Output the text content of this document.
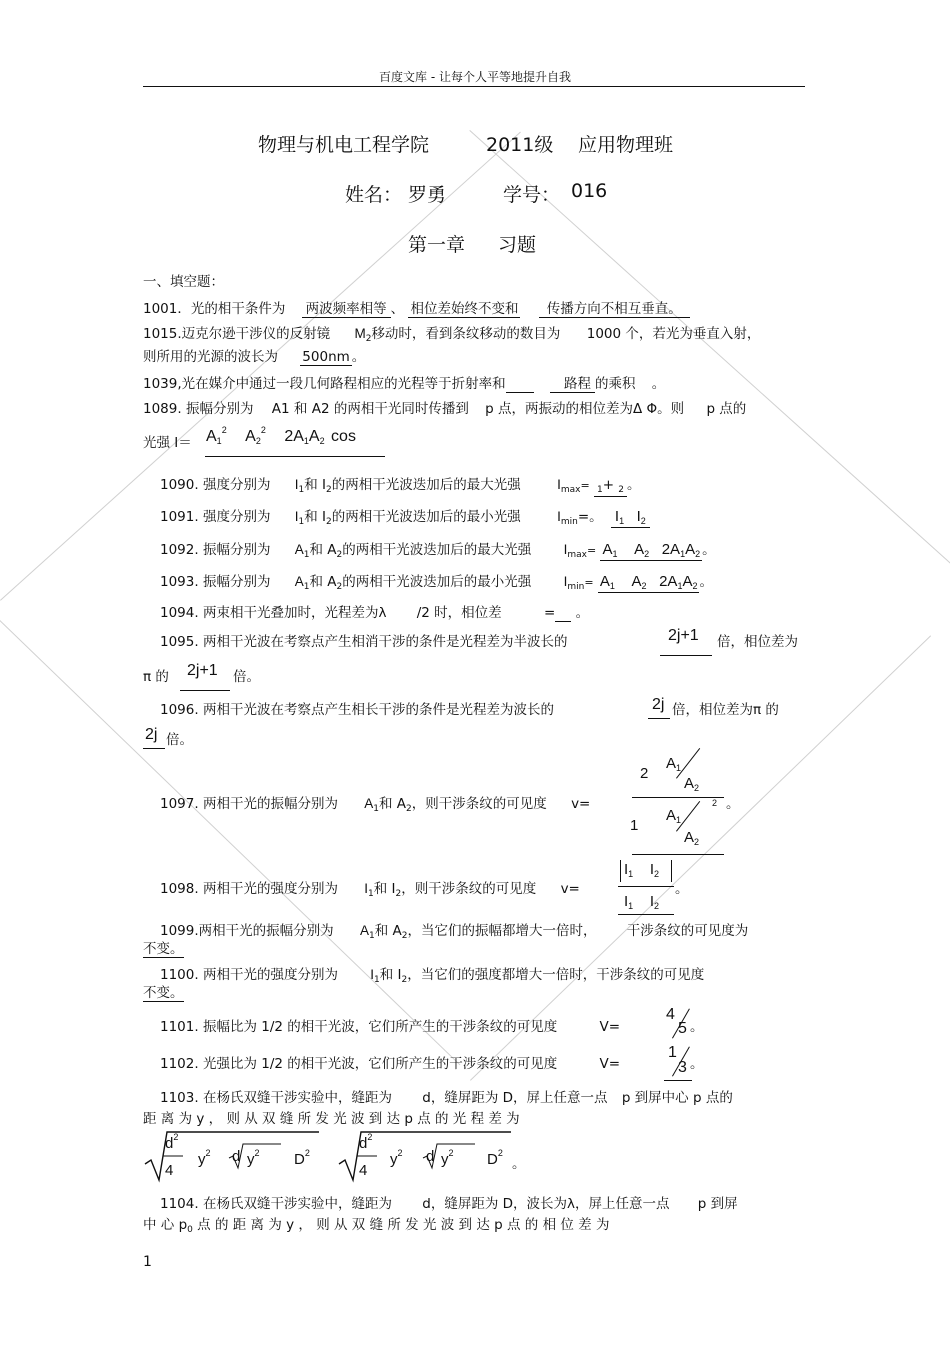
百度文库 - 让每个人平等地提升自我
物理与机电工程学院	2011级 应用物理班
姓名： 罗勇	学号： 016
第一章 习题
一、填空题：
1001．光的相干条件为 两波频率相等 、 相位差始终不变和 传播方向不相互垂直。
1015.迈克尔逊干涉仪的反射镜 $M_2$移动时，看到条纹移动的数目为 1000 个，若光为垂直入射，
则所用的光源的波长为 500nm 。
1039,光在媒介中通过一段几何路程相应的光程等于折射率和	路程 的乘积 。
1089. 振幅分别为 A1 和 A2 的两相干光同时传播到 p 点，两振动的相位差为Δ Φ。则 p 点的
光强 $I= A_1^2$ $A_2^2$ $2A_1A_2$ cos
1090. 强度分别为 $I_1$和 $I_2$的两相干光波迭加后的最大光强	$I_{max}= _1+ _2$ 。
1091. 强度分别为 $I_1$和 $I_2$的两相干光波迭加后的最小光强	$I_{min}=$。 $I_1$ $I_2$
1092. 振幅分别为 $A_1$和 $A_2$的两相干光波迭加后的最大光强 $I_{max}= A_1$ $A_2$ $2A_1A_2$ 。
1093. 振幅分别为 $A_1$和 $A_2$的两相干光波迭加后的最小光强 $I_{min}= A_1$ $A_2$ $2A_1A_2$ 。
1094. 两束相干光叠加时，光程差为λ /2 时，相位差	= 。
1095. 两相干光波在考察点产生相消干涉的条件是光程差为半波长的	2j+1 倍，相位差为
π 的 2j+1 倍。
1096. 两相干光波在考察点产生相长干涉的条件是光程差为波长的	2j 倍，相位差为π 的
2j 倍。
1097. 两相干光的振幅分别为 $A_1$和 $A_2$，则干涉条纹的可见度 v=
2
$A_1$
$A_2$
2
1
$A_1$
$A_2$
。
1098. 两相干光的强度分别为 $I_1$和 $I_2$，则干涉条纹的可见度 v=
$I_1$ $I_2$
$I_1$ $I_2$
。
1099.两相干光的振幅分别为 $A_1$和 $A_2$，当它们的振幅都增大一倍时， 干涉条纹的可见度为
不变。
1100. 两相干光的强度分别为 $I_1$和 $I_2$，当它们的强度都增大一倍时，干涉条纹的可见度
不变。
1101. 振幅比为 1/2 的相干光波，它们所产生的干涉条纹的可见度	V=
4
5 。
1102. 光强比为 1/2 的相干光波，它们所产生的干涉条纹的可见度	V=
1
3 。
1103. 在杨氏双缝干涉实验中，缝距为 d，缝屏距为 D，屏上任意一点 p 到屏中心 p 点的
距 离 为 y ， 则 从 双 缝 所 发 光 波 到 达 p 点 的 光 程 差 为
$d^2$
4
$y^2$ d $y^2$ $D^2$
$d^2$
4
$y^2$ d $y^2$ $D^2$
。
1104. 在杨氏双缝干涉实验中，缝距为 d，缝屏距为 D，波长为λ，屏上任意一点 p 到屏
中 心 $p_0$ 点 的 距 离 为 y ， 则 从 双 缝 所 发 光 波 到 达 p 点 的 相 位 差 为
1
